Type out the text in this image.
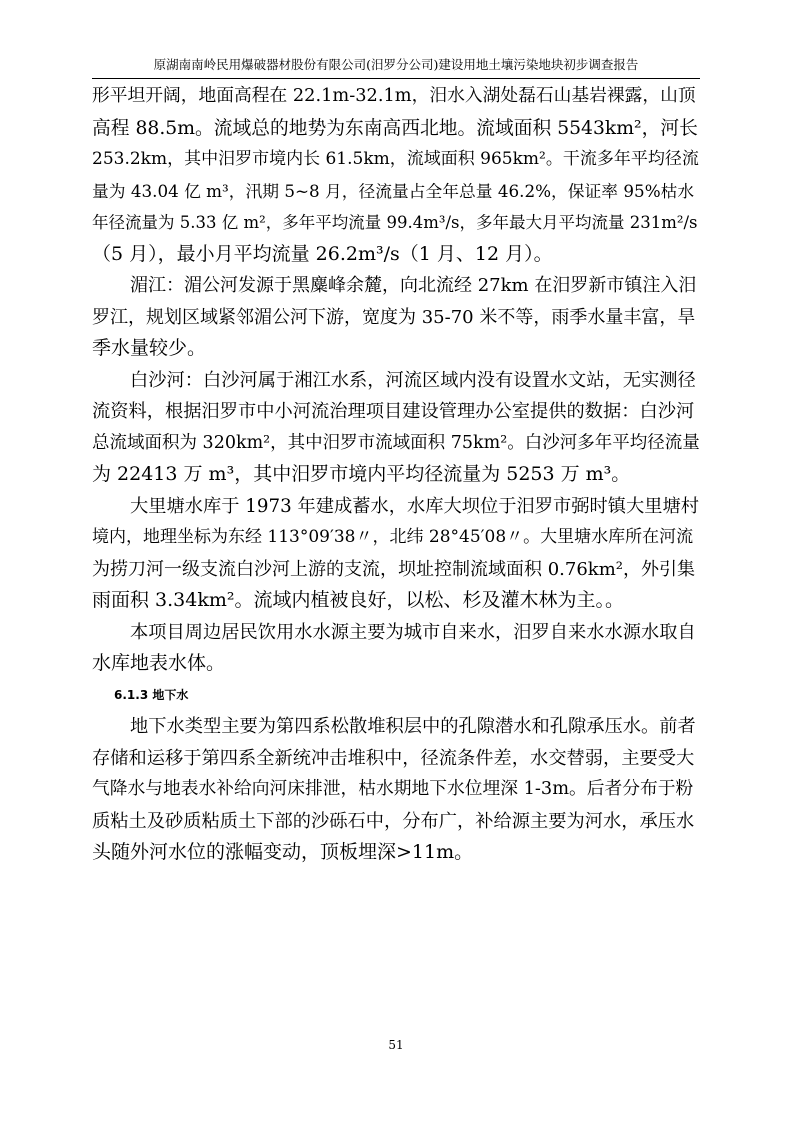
原湖南南岭民用爆破器材股份有限公司(汨罗分公司)建设用地土壤污染地块初步调查报告
形平坦开阔，地面高程在 22.1m-32.1m，汨水入湖处磊石山基岩裸露，山顶
高程 88.5m。流域总的地势为东南高西北地。流域面积 5543km²，河长
253.2km，其中汨罗市境内长 61.5km，流域面积 965km²。干流多年平均径流
量为 43.04 亿 m³，汛期 5~8 月，径流量占全年总量 46.2%，保证率 95%枯水
年径流量为 5.33 亿 m²，多年平均流量 99.4m³/s，多年最大月平均流量 231m²/s
（5 月），最小月平均流量 26.2m³/s（1 月、12 月）。
湄江：湄公河发源于黑麋峰余麓，向北流经 27km 在汨罗新市镇注入汨
罗江，规划区域紧邻湄公河下游，宽度为 35-70 米不等，雨季水量丰富，旱
季水量较少。
白沙河：白沙河属于湘江水系，河流区域内没有设置水文站，无实测径
流资料，根据汨罗市中小河流治理项目建设管理办公室提供的数据：白沙河
总流域面积为 320km²，其中汨罗市流域面积 75km²。白沙河多年平均径流量
为 22413 万 m³，其中汨罗市境内平均径流量为 5253 万 m³。
大里塘水库于 1973 年建成蓄水，水库大坝位于汨罗市弼时镇大里塘村
境内，地理坐标为东经 113°09′38〃，北纬 28°45′08〃。大里塘水库所在河流
为捞刀河一级支流白沙河上游的支流，坝址控制流域面积 0.76km²，外引集
雨面积 3.34km²。流域内植被良好，以松、杉及灌木林为主。。
本项目周边居民饮用水水源主要为城市自来水，汨罗自来水水源水取自
水库地表水体。
6.1.3 地下水
地下水类型主要为第四系松散堆积层中的孔隙潜水和孔隙承压水。前者
存储和运移于第四系全新统冲击堆积中，径流条件差，水交替弱，主要受大
气降水与地表水补给向河床排泄，枯水期地下水位埋深 1-3m。后者分布于粉
质粘土及砂质粘质土下部的沙砾石中，分布广，补给源主要为河水，承压水
头随外河水位的涨幅变动，顶板埋深>11m。
51
